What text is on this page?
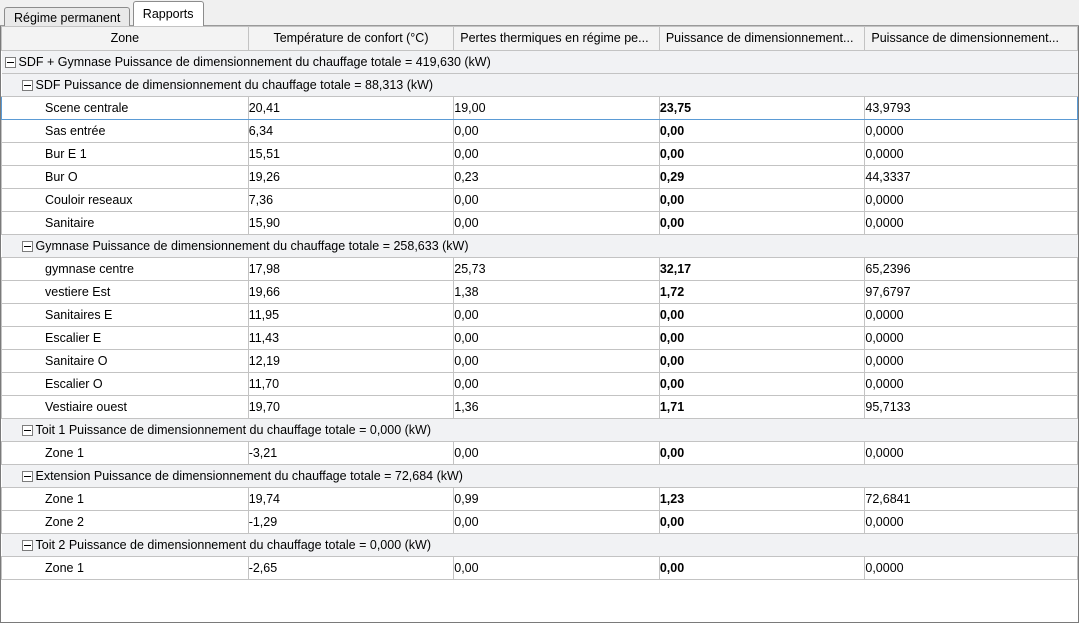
Régime permanent Rapports
Zone	Température de confort (°C)	Pertes thermiques en régime pe...	Puissance de dimensionnement...	Puissance de dimensionnement...

SDF + Gymnase Puissance de dimensionnement du chauffage totale = 419,630 (kW)				

SDF Puissance de dimensionnement du chauffage totale = 88,313 (kW)				

Scene centrale	20,41	19,00	23,75	43,9793

Sas entrée	6,34	0,00	0,00	0,0000

Bur E 1	15,51	0,00	0,00	0,0000

Bur O	19,26	0,23	0,29	44,3337

Couloir reseaux	7,36	0,00	0,00	0,0000

Sanitaire	15,90	0,00	0,00	0,0000

Gymnase Puissance de dimensionnement du chauffage totale = 258,633 (kW)				

gymnase centre	17,98	25,73	32,17	65,2396

vestiere Est	19,66	1,38	1,72	97,6797

Sanitaires E	11,95	0,00	0,00	0,0000

Escalier E	11,43	0,00	0,00	0,0000

Sanitaire O	12,19	0,00	0,00	0,0000

Escalier O	11,70	0,00	0,00	0,0000

Vestiaire ouest	19,70	1,36	1,71	95,7133

Toit 1 Puissance de dimensionnement du chauffage totale = 0,000 (kW)				

Zone 1	-3,21	0,00	0,00	0,0000

Extension Puissance de dimensionnement du chauffage totale = 72,684 (kW)				

Zone 1	19,74	0,99	1,23	72,6841

Zone 2	-1,29	0,00	0,00	0,0000

Toit 2 Puissance de dimensionnement du chauffage totale = 0,000 (kW)				

Zone 1	-2,65	0,00	0,00	0,0000
